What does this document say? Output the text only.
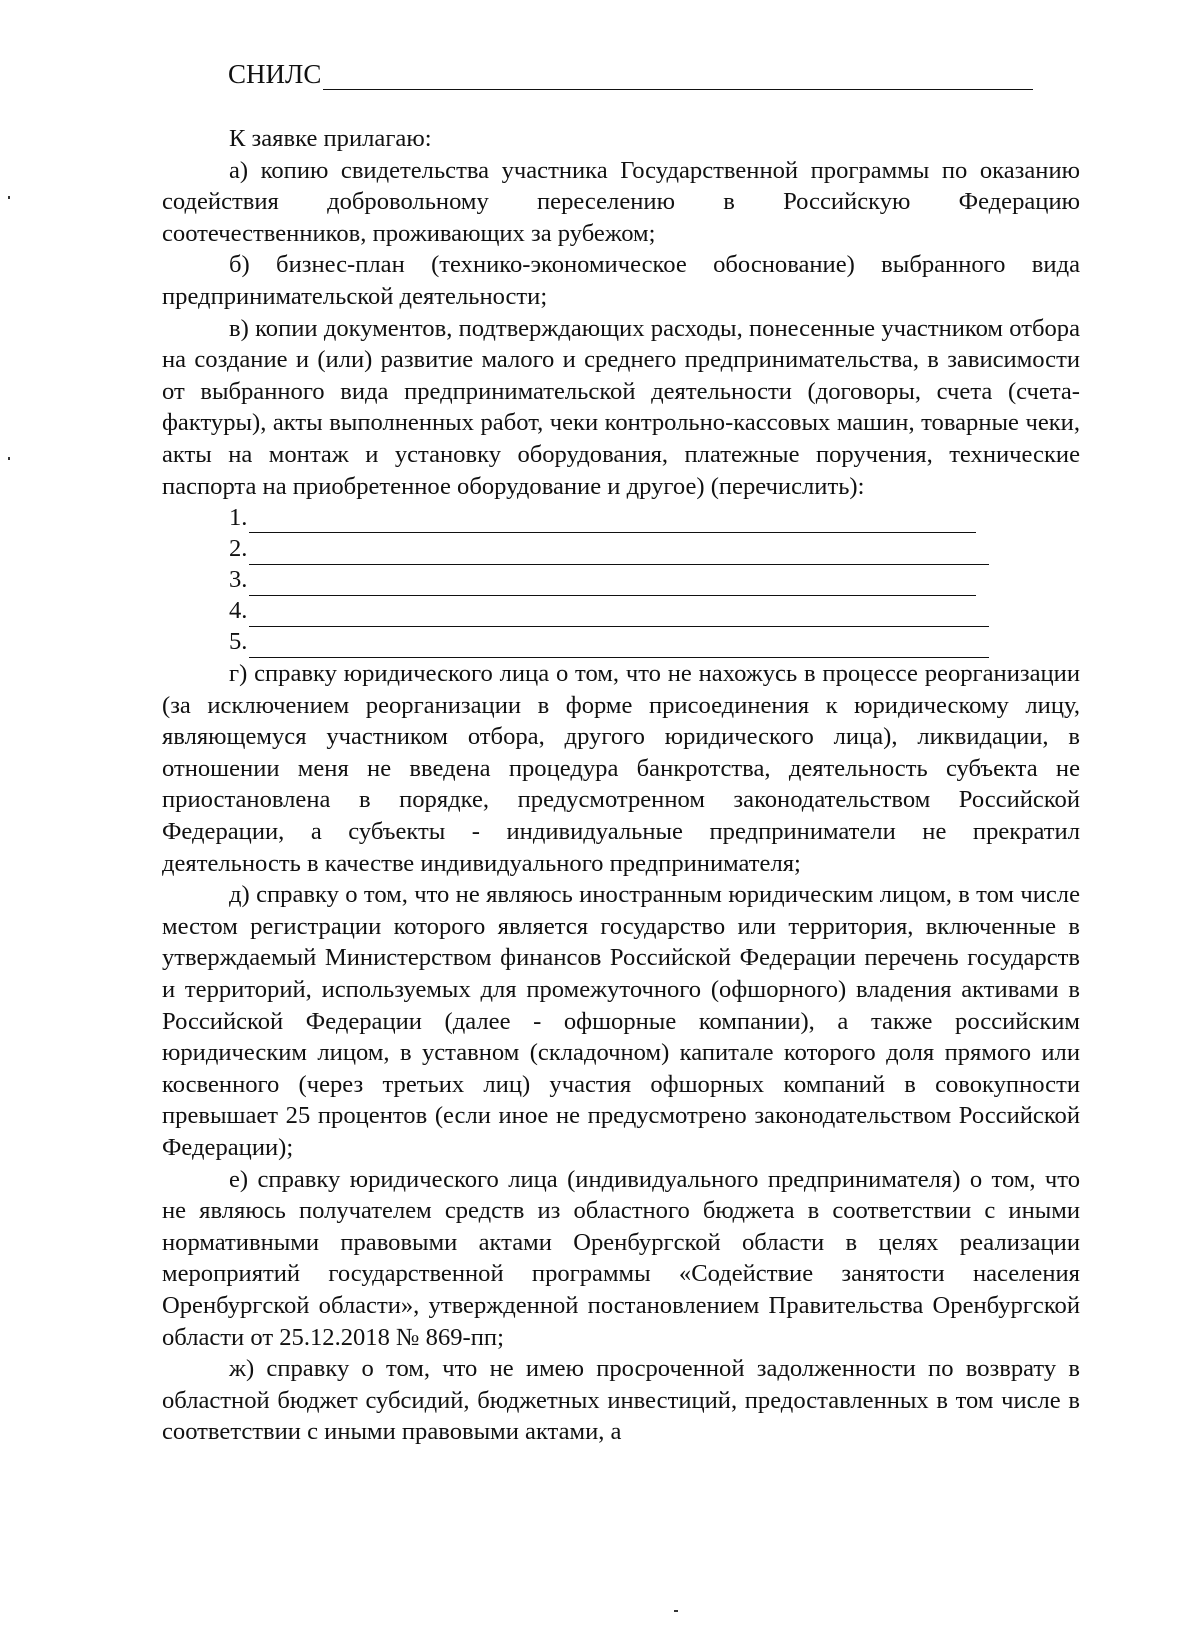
СНИЛС

К заявке прилагаю:

а) копию свидетельства участника Государственной программы по оказанию содействия добровольному переселению в Российскую Федерацию соотечественников, проживающих за рубежом;

б) бизнес-план (технико-экономическое обоснование) выбранного вида предпринимательской деятельности;

в) копии документов, подтверждающих расходы, понесенные участником отбора на создание и (или) развитие малого и среднего предпринимательства, в зависимости от выбранного вида предпринимательской деятельности (договоры, счета (счета-фактуры), акты выполненных работ, чеки контрольно-кассовых машин, товарные чеки, акты на монтаж и установку оборудования, платежные поручения, технические паспорта на приобретенное оборудование и другое) (перечислить):

1.
2.
3.
4.
5.

г) справку юридического лица о том, что не нахожусь в процессе реорганизации (за исключением реорганизации в форме присоединения к юридическому лицу, являющемуся участником отбора, другого юридического лица), ликвидации, в отношении меня не введена процедура банкротства, деятельность субъекта не приостановлена в порядке, предусмотренном законодательством Российской Федерации, а субъекты - индивидуальные предприниматели не прекратил деятельность в качестве индивидуального предпринимателя;

д) справку о том, что не являюсь иностранным юридическим лицом, в том числе местом регистрации которого является государство или территория, включенные в утверждаемый Министерством финансов Российской Федерации перечень государств и территорий, используемых для промежуточного (офшорного) владения активами в Российской Федерации (далее - офшорные компании), а также российским юридическим лицом, в уставном (складочном) капитале которого доля прямого или косвенного (через третьих лиц) участия офшорных компаний в совокупности превышает 25 процентов (если иное не предусмотрено законодательством Российской Федерации);

е) справку юридического лица (индивидуального предпринимателя) о том, что не являюсь получателем средств из областного бюджета в соответствии с иными нормативными правовыми актами Оренбургской области в целях реализации мероприятий государственной программы «Содействие занятости населения Оренбургской области», утвержденной постановлением Правительства Оренбургской области от 25.12.2018 № 869-пп;

ж) справку о том, что не имею просроченной задолженности по возврату в областной бюджет субсидий, бюджетных инвестиций, предоставленных в том числе в соответствии с иными правовыми актами, а
